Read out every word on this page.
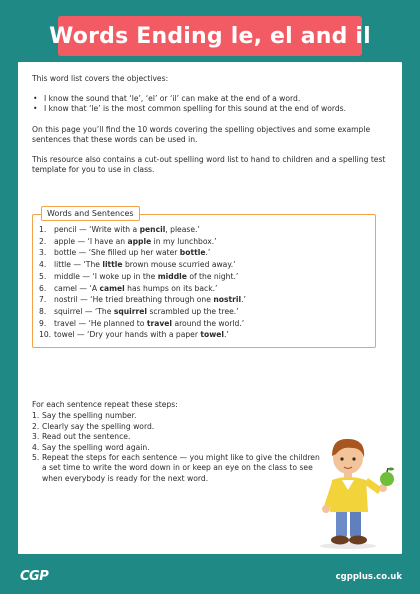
Words Ending le, el and il

This word list covers the objectives:

• I know the sound that ‘le’, ‘el’ or ‘il’ can make at the end of a word.
• I know that ‘le’ is the most common spelling for this sound at the end of words.

On this page you’ll find the 10 words covering the spelling objectives and some example sentences that these words can be used in.

This resource also contains a cut-out spelling word list to hand to children and a spelling test template for you to use in class.

Words and Sentences
1.	pencil — ‘Write with a pencil , please.’
2.	apple — ‘I have an apple in my lunchbox.’
3.	bottle — ‘She filled up her water bottle .’
4.	little — ‘The little brown mouse scurried away.’
5.	middle — ‘I woke up in the middle of the night.’
6.	camel — ‘A camel has humps on its back.’
7.	nostril — ‘He tried breathing through one nostril .’
8.	squirrel — ‘The squirrel scrambled up the tree.’
9.	travel — ‘He planned to travel around the world.’
10. towel — ‘Dry your hands with a paper towel .’

For each sentence repeat these steps:

1. Say the spelling number.
2. Clearly say the spelling word.
3. Read out the sentence.
4. Say the spelling word again.
5. Repeat the steps for each sentence — you might like to give the children a set time to write the word down in or keep an eye on the class to see when everybody is ready for the next word.
CGP	cgpplus.co.uk
